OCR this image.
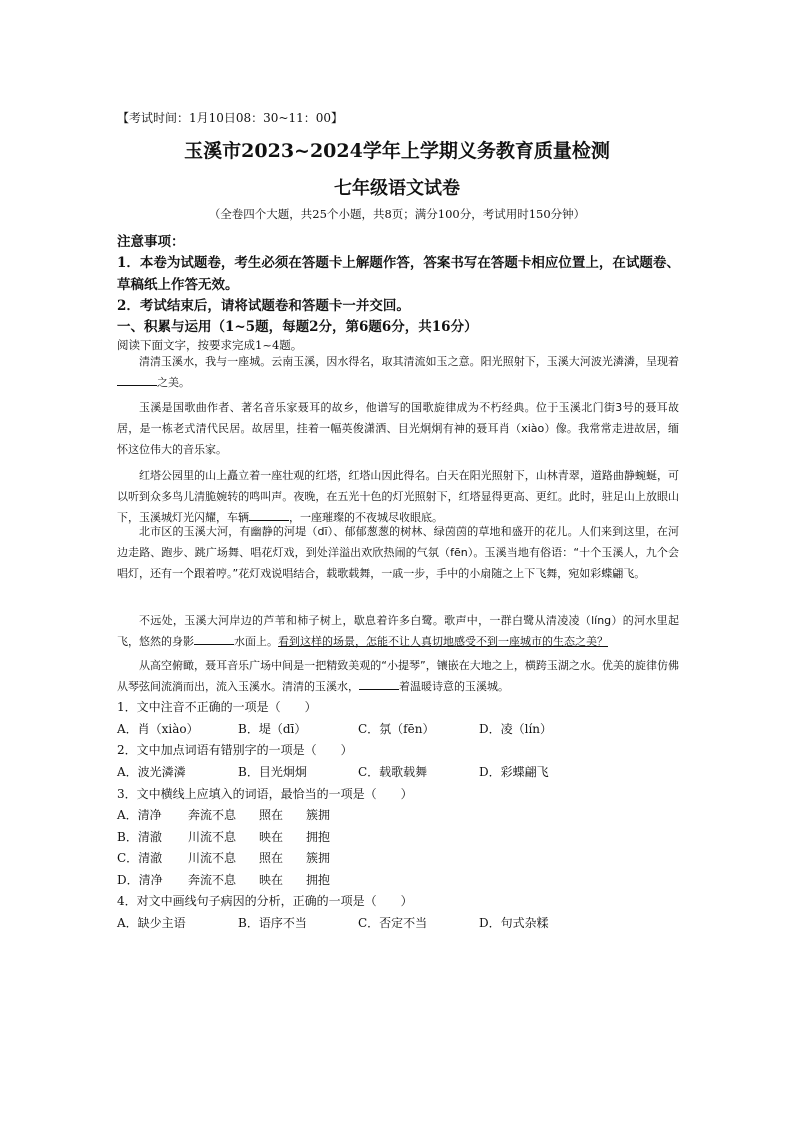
【考试时间：1月10日08：30~11：00】
玉溪市2023~2024学年上学期义务教育质量检测
七年级语文试卷
（全卷四个大题，共25个小题，共8页；满分100分，考试用时150分钟）
注意事项：
1．本卷为试题卷，考生必须在答题卡上解题作答，答案书写在答题卡相应位置上，在试题卷、
草稿纸上作答无效。
2．考试结束后，请将试题卷和答题卡一并交回。
一、积累与运用（1~5题，每题2分，第6题6分，共16分）
阅读下面文字，按要求完成1~4题。

清清玉溪水，我与一座城。云南玉溪，因水得名，取其清流如玉之意。阳光照射下，玉溪大河波光潾潾，呈现着之美。

玉溪是国歌曲作者、著名音乐家聂耳的故乡，他谱写的国歌旋律成为不朽经典。位于玉溪北门街3号的聂耳故居，是一栋老式清代民居。故居里，挂着一幅英俊潇洒、目光炯炯有神的聂耳肖（xiào）像。我常常走进故居，缅怀这位伟大的音乐家。

红塔公园里的山上矗立着一座壮观的红塔，红塔山因此得名。白天在阳光照射下，山林青翠，道路曲静蜿蜒，可以听到众多鸟儿清脆婉转的鸣叫声。夜晚，在五光十色的灯光照射下，红塔显得更高、更红。此时，驻足山上放眼山下，玉溪城灯光闪耀，车辆	，一座璀璨的不夜城尽收眼底。

北市区的玉溪大河，有幽静的河堤（dī）、郁郁葱葱的树林、绿茵茵的草地和盛开的花儿。人们来到这里，在河边走路、跑步、跳广场舞、唱花灯戏，到处洋溢出欢欣热闹的气氛（fēn）。玉溪当地有俗语：“十个玉溪人，九个会唱灯，还有一个跟着哼。”花灯戏说唱结合，载歌载舞，一戚一步，手中的小扇随之上下飞舞，宛如彩蝶翩飞。

不远处，玉溪大河岸边的芦苇和柿子树上，歇息着许多白鹭。歌声中，一群白鹭从清凌凌（líng）的河水里起飞，悠然的身影	水面上。看到这样的场景，怎能不让人真切地感受不到一座城市的生态之美？

从高空俯瞰，聂耳音乐广场中间是一把精致美观的“小提琴”，镶嵌在大地之上，横跨玉湖之水。优美的旋律仿佛从琴弦间流淌而出，流入玉溪水。清清的玉溪水，	着温暖诗意的玉溪城。

1．文中注音不正确的一项是（　　）
A．肖（xiào）	B．堤（dī）	C．氛（fēn）	D．凌（lín）
2．文中加点词语有错别字的一项是（　　）
A．波光潾潾	B．目光炯炯	C．载歌载舞	D．彩蝶翩飞
3．文中横线上应填入的词语，最恰当的一项是（　　）
A．清净 奔流不息 照在 簇拥
B．清澈 川流不息 映在 拥抱
C．清澈 川流不息 照在 簇拥
D．清净 奔流不息 映在 拥抱
4．对文中画线句子病因的分析，正确的一项是（　　）
A．缺少主语	B．语序不当	C．否定不当	D．句式杂糅
